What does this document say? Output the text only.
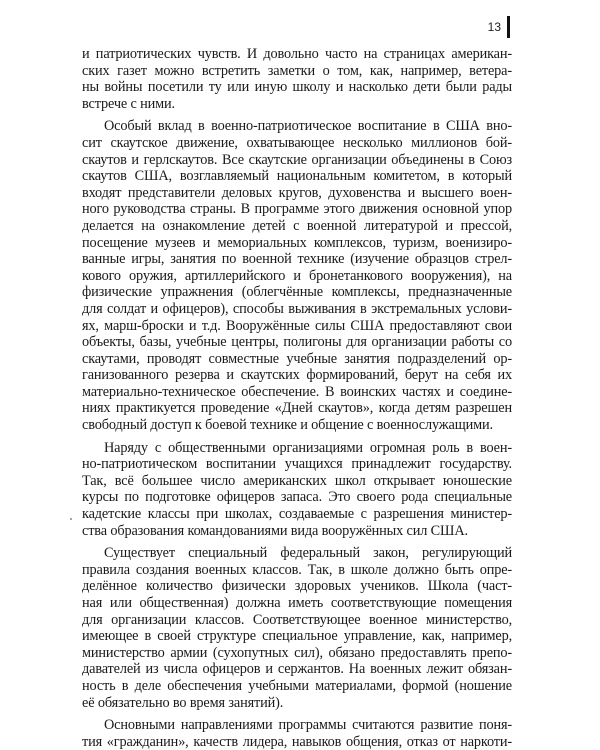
13
и патриотических чувств. И довольно часто на страницах американ-
ских газет можно встретить заметки о том, как, например, ветера-
ны войны посетили ту или иную школу и насколько дети были рады
встрече с ними.
Особый вклад в военно-патриотическое воспитание в США вно-
сит скаутское движение, охватывающее несколько миллионов бой-
скаутов и герлскаутов. Все скаутские организации объединены в Союз
скаутов США, возглавляемый национальным комитетом, в который
входят представители деловых кругов, духовенства и высшего воен-
ного руководства страны. В программе этого движения основной упор
делается на ознакомление детей с военной литературой и прессой,
посещение музеев и мемориальных комплексов, туризм, военизиро-
ванные игры, занятия по военной технике (изучение образцов стрел-
кового оружия, артиллерийского и бронетанкового вооружения), на
физические упражнения (облегчённые комплексы, предназначенные
для солдат и офицеров), способы выживания в экстремальных услови-
ях, марш-броски и т.д. Вооружённые силы США предоставляют свои
объекты, базы, учебные центры, полигоны для организации работы со
скаутами, проводят совместные учебные занятия подразделений ор-
ганизованного резерва и скаутских формирований, берут на себя их
материально-техническое обеспечение. В воинских частях и соедине-
ниях практикуется проведение «Дней скаутов», когда детям разрешен
свободный доступ к боевой технике и общение с военнослужащими.
Наряду с общественными организациями огромная роль в воен-
но-патриотическом воспитании учащихся принадлежит государству.
Так, всё большее число американских школ открывает юношеские
курсы по подготовке офицеров запаса. Это своего рода специальные
кадетские классы при школах, создаваемые с разрешения министер-
ства образования командованиями вида вооружённых сил США.
Существует специальный федеральный закон, регулирующий
правила создания военных классов. Так, в школе должно быть опре-
делённое количество физически здоровых учеников. Школа (част-
ная или общественная) должна иметь соответствующие помещения
для организации классов. Соответствующее военное министерство,
имеющее в своей структуре специальное управление, как, например,
министерство армии (сухопутных сил), обязано предоставлять препо-
давателей из числа офицеров и сержантов. На военных лежит обязан-
ность в деле обеспечения учебными материалами, формой (ношение
её обязательно во время занятий).
Основными направлениями программы считаются развитие поня-
тия «гражданин», качеств лидера, навыков общения, отказ от наркоти-
